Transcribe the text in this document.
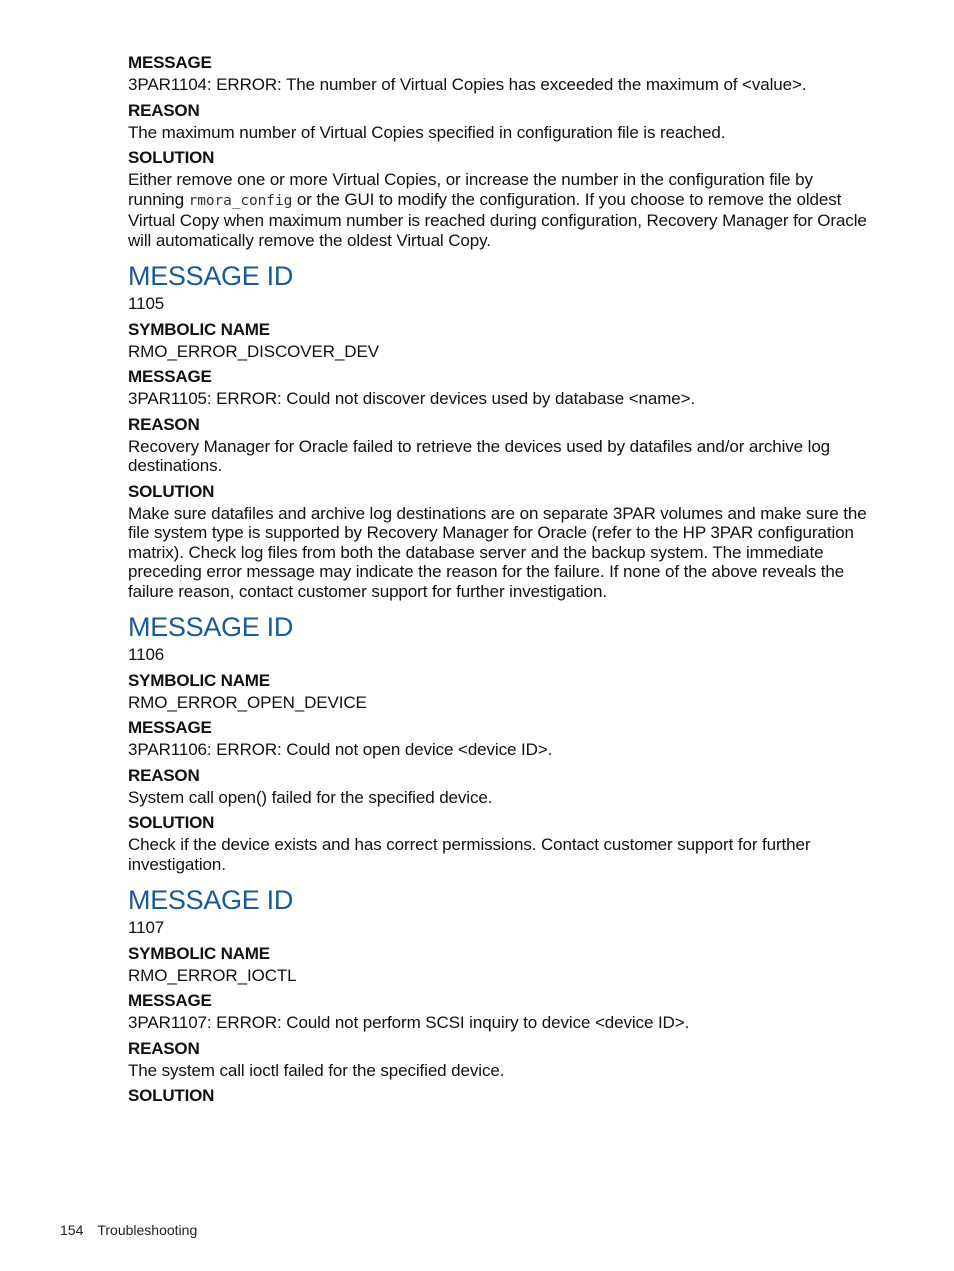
MESSAGE

3PAR1104: ERROR: The number of Virtual Copies has exceeded the maximum of <value>.

REASON

The maximum number of Virtual Copies specified in configuration file is reached.

SOLUTION

Either remove one or more Virtual Copies, or increase the number in the configuration file by running rmora_config or the GUI to modify the configuration. If you choose to remove the oldest Virtual Copy when maximum number is reached during configuration, Recovery Manager for Oracle will automatically remove the oldest Virtual Copy.

MESSAGE ID

1105

SYMBOLIC NAME

RMO_ERROR_DISCOVER_DEV

MESSAGE

3PAR1105: ERROR: Could not discover devices used by database <name>.

REASON

Recovery Manager for Oracle failed to retrieve the devices used by datafiles and/or archive log destinations.

SOLUTION

Make sure datafiles and archive log destinations are on separate 3PAR volumes and make sure the file system type is supported by Recovery Manager for Oracle (refer to the HP 3PAR configuration matrix). Check log files from both the database server and the backup system. The immediate preceding error message may indicate the reason for the failure. If none of the above reveals the failure reason, contact customer support for further investigation.

MESSAGE ID

1106

SYMBOLIC NAME

RMO_ERROR_OPEN_DEVICE

MESSAGE

3PAR1106: ERROR: Could not open device <device ID>.

REASON

System call open() failed for the specified device.

SOLUTION

Check if the device exists and has correct permissions. Contact customer support for further investigation.

MESSAGE ID

1107

SYMBOLIC NAME

RMO_ERROR_IOCTL

MESSAGE

3PAR1107: ERROR: Could not perform SCSI inquiry to device <device ID>.

REASON

The system call ioctl failed for the specified device.

SOLUTION

154 Troubleshooting
